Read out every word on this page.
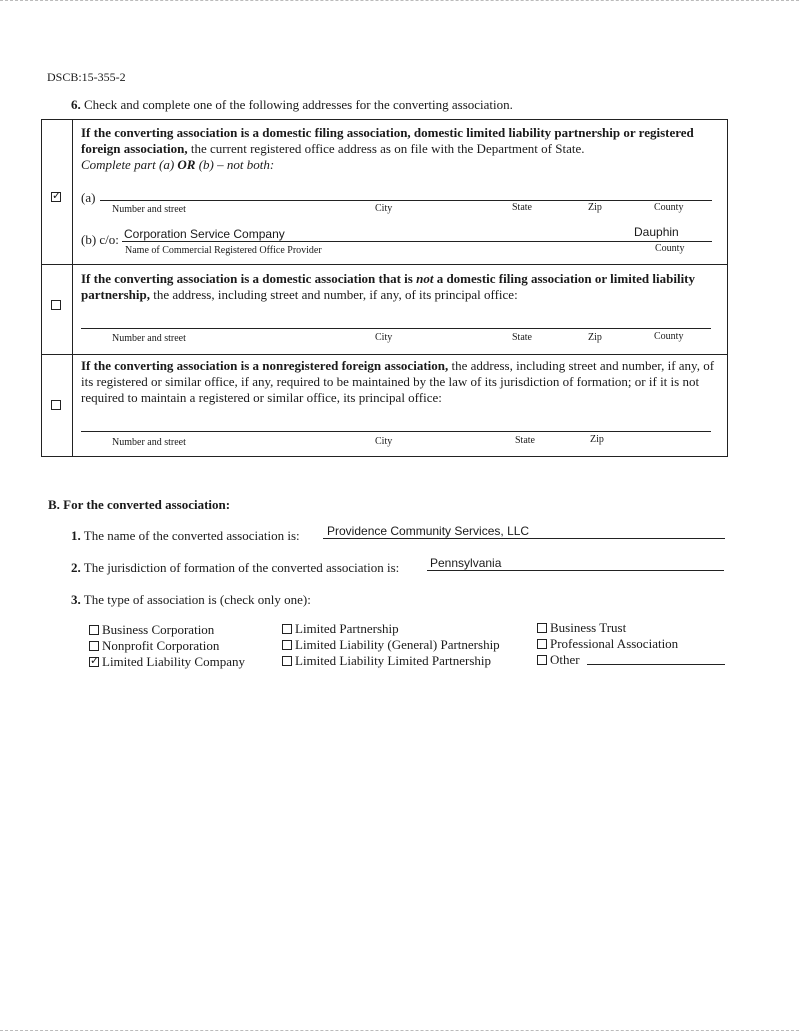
DSCB:15-355-2
6. Check and complete one of the following addresses for the converting association.
✓
If the converting association is a domestic filing association, domestic limited liability partnership or registered foreign association, the current registered office address as on file with the Department of State.
Complete part (a) OR (b) – not both:
(a)
Number and street	City	State	Zip	County
(b) c/o: Corporation Service Company	Dauphin
Name of Commercial Registered Office Provider	County
If the converting association is a domestic association that is not a domestic filing association or limited liability partnership, the address, including street and number, if any, of its principal office:
Number and street	City	State	Zip	County
If the converting association is a nonregistered foreign association, the address, including street and number, if any, of its registered or similar office, if any, required to be maintained by the law of its jurisdiction of formation; or if it is not required to maintain a registered or similar office, its principal office:
Number and street	City	State	Zip
B. For the converted association:
1. The name of the converted association is: Providence Community Services, LLC
2. The jurisdiction of formation of the converted association is:	Pennsylvania
3. The type of association is (check only one):
Business Corporation
Nonprofit Corporation
✓
Limited Liability Company
Limited Partnership
Limited Liability (General) Partnership
Limited Liability Limited Partnership
Business Trust
Professional Association
Other
